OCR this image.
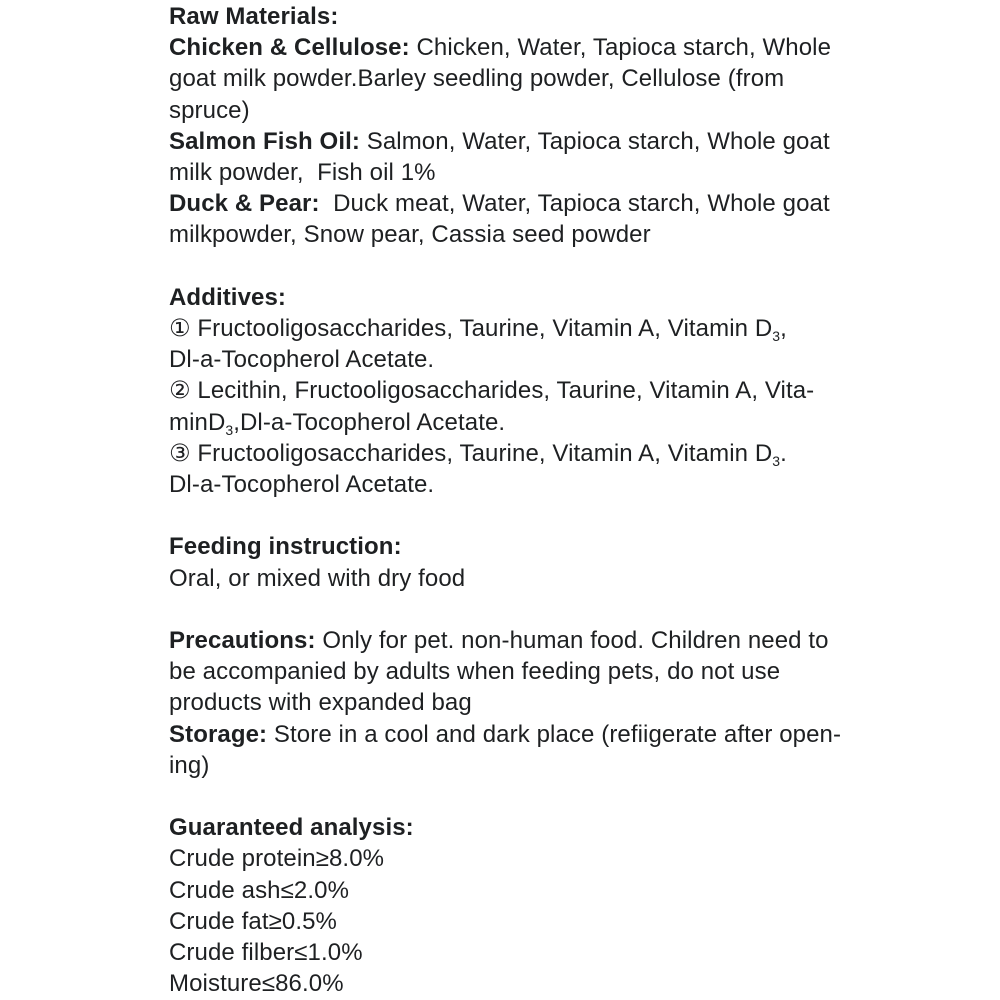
Raw Materials:
Chicken & Cellulose: Chicken, Water, Tapioca starch, Whole
goat milk powder.Barley seedling powder, Cellulose (from
spruce)
Salmon Fish Oil: Salmon, Water, Tapioca starch, Whole goat
milk powder,  Fish oil 1%
Duck & Pear:  Duck meat, Water, Tapioca starch, Whole goat
milkpowder, Snow pear, Cassia seed powder
Additives:
① Fructooligosaccharides, Taurine, Vitamin A, Vitamin $D_3$,
Dl-a-Tocopherol Acetate.
② Lecithin, Fructooligosaccharides, Taurine, Vitamin A, Vita-
minD$_3$,Dl-a-Tocopherol Acetate.
③ Fructooligosaccharides, Taurine, Vitamin A, Vitamin $D_3$.
Dl-a-Tocopherol Acetate.
Feeding instruction:
Oral, or mixed with dry food
Precautions: Only for pet. non-human food. Children need to
be accompanied by adults when feeding pets, do not use
products with expanded bag
Storage: Store in a cool and dark place (refiigerate after open-
ing)
Guaranteed analysis:
Crude protein≥8.0%
Crude ash≤2.0%
Crude fat≥0.5%
Crude filber≤1.0%
Moisture≤86.0%
